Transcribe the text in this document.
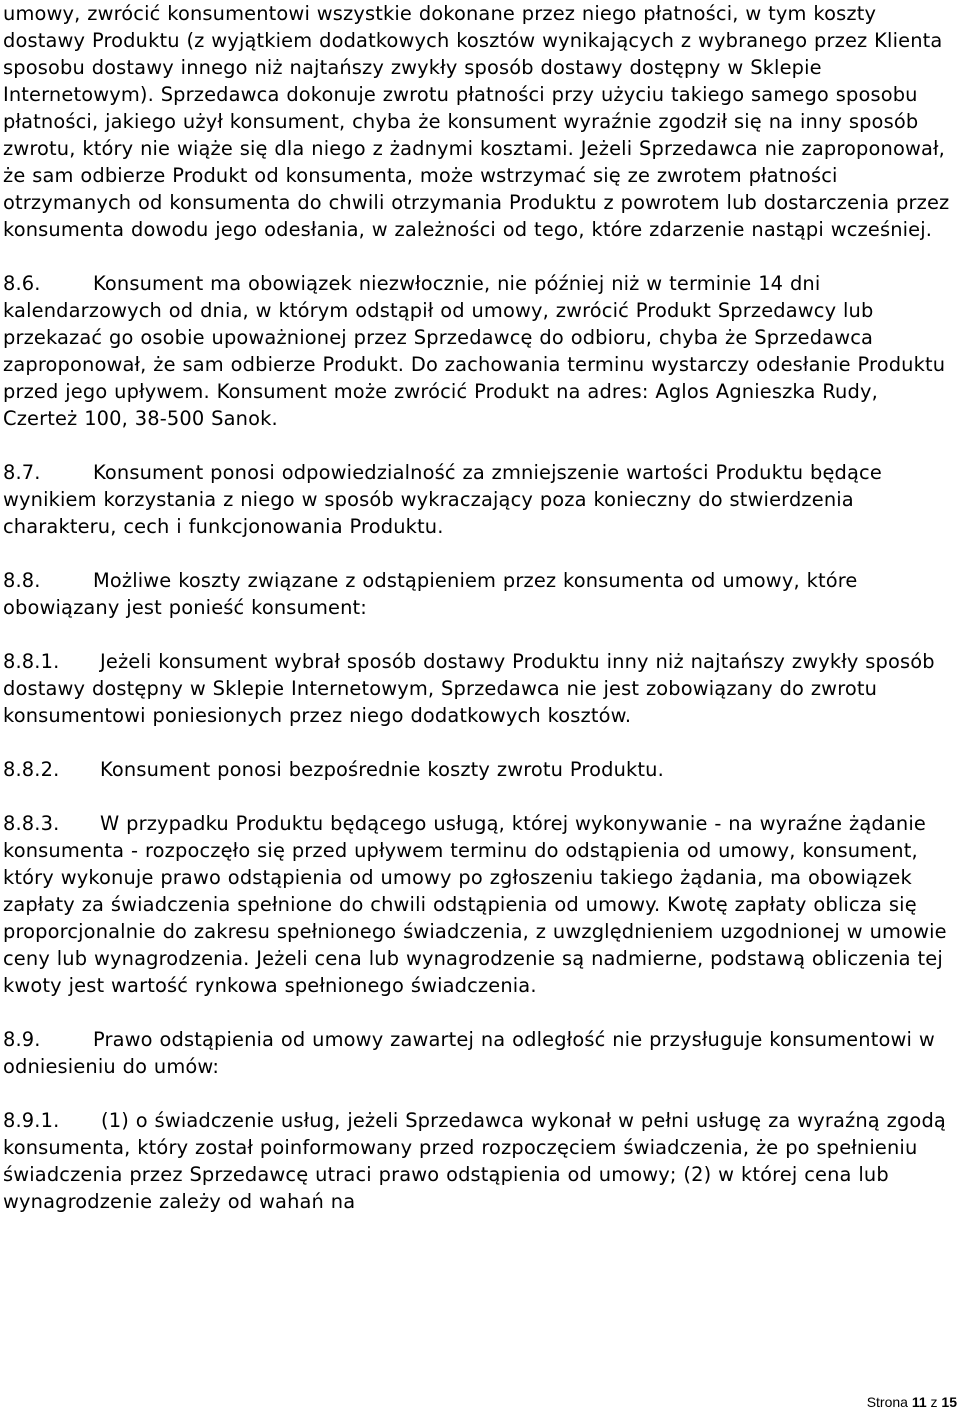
umowy, zwrócić konsumentowi wszystkie dokonane przez niego płatności, w tym koszty dostawy Produktu (z wyjątkiem dodatkowych kosztów wynikających z wybranego przez Klienta sposobu dostawy innego niż najtańszy zwykły sposób dostawy dostępny w Sklepie Internetowym). Sprzedawca dokonuje zwrotu płatności przy użyciu takiego samego sposobu płatności, jakiego użył konsument, chyba że konsument wyraźnie zgodził się na inny sposób zwrotu, który nie wiąże się dla niego z żadnymi kosztami. Jeżeli Sprzedawca nie zaproponował, że sam odbierze Produkt od konsumenta, może wstrzymać się ze zwrotem płatności otrzymanych od konsumenta do chwili otrzymania Produktu z powrotem lub dostarczenia przez konsumenta dowodu jego odesłania, w zależności od tego, które zdarzenie nastąpi wcześniej.

8.6.	Konsument ma obowiązek niezwłocznie, nie później niż w terminie 14 dni kalendarzowych od dnia, w którym odstąpił od umowy, zwrócić Produkt Sprzedawcy lub przekazać go osobie upoważnionej przez Sprzedawcę do odbioru, chyba że Sprzedawca zaproponował, że sam odbierze Produkt. Do zachowania terminu wystarczy odesłanie Produktu przed jego upływem. Konsument może zwrócić Produkt na adres: Aglos Agnieszka Rudy, Czerteż 100, 38-500 Sanok.

8.7.	Konsument ponosi odpowiedzialność za zmniejszenie wartości Produktu będące wynikiem korzystania z niego w sposób wykraczający poza konieczny do stwierdzenia charakteru, cech i funkcjonowania Produktu.

8.8.	Możliwe koszty związane z odstąpieniem przez konsumenta od umowy, które obowiązany jest ponieść konsument:

8.8.1. Jeżeli konsument wybrał sposób dostawy Produktu inny niż najtańszy zwykły sposób dostawy dostępny w Sklepie Internetowym, Sprzedawca nie jest zobowiązany do zwrotu konsumentowi poniesionych przez niego dodatkowych kosztów.

8.8.2. Konsument ponosi bezpośrednie koszty zwrotu Produktu.

8.8.3. W przypadku Produktu będącego usługą, której wykonywanie - na wyraźne żądanie konsumenta - rozpoczęło się przed upływem terminu do odstąpienia od umowy, konsument, który wykonuje prawo odstąpienia od umowy po zgłoszeniu takiego żądania, ma obowiązek zapłaty za świadczenia spełnione do chwili odstąpienia od umowy. Kwotę zapłaty oblicza się proporcjonalnie do zakresu spełnionego świadczenia, z uwzględnieniem uzgodnionej w umowie ceny lub wynagrodzenia. Jeżeli cena lub wynagrodzenie są nadmierne, podstawą obliczenia tej kwoty jest wartość rynkowa spełnionego świadczenia.

8.9.	Prawo odstąpienia od umowy zawartej na odległość nie przysługuje konsumentowi w odniesieniu do umów:

8.9.1. (1) o świadczenie usług, jeżeli Sprzedawca wykonał w pełni usługę za wyraźną zgodą konsumenta, który został poinformowany przed rozpoczęciem świadczenia, że po spełnieniu świadczenia przez Sprzedawcę utraci prawo odstąpienia od umowy; (2) w której cena lub wynagrodzenie zależy od wahań na

Strona 11 z 15
